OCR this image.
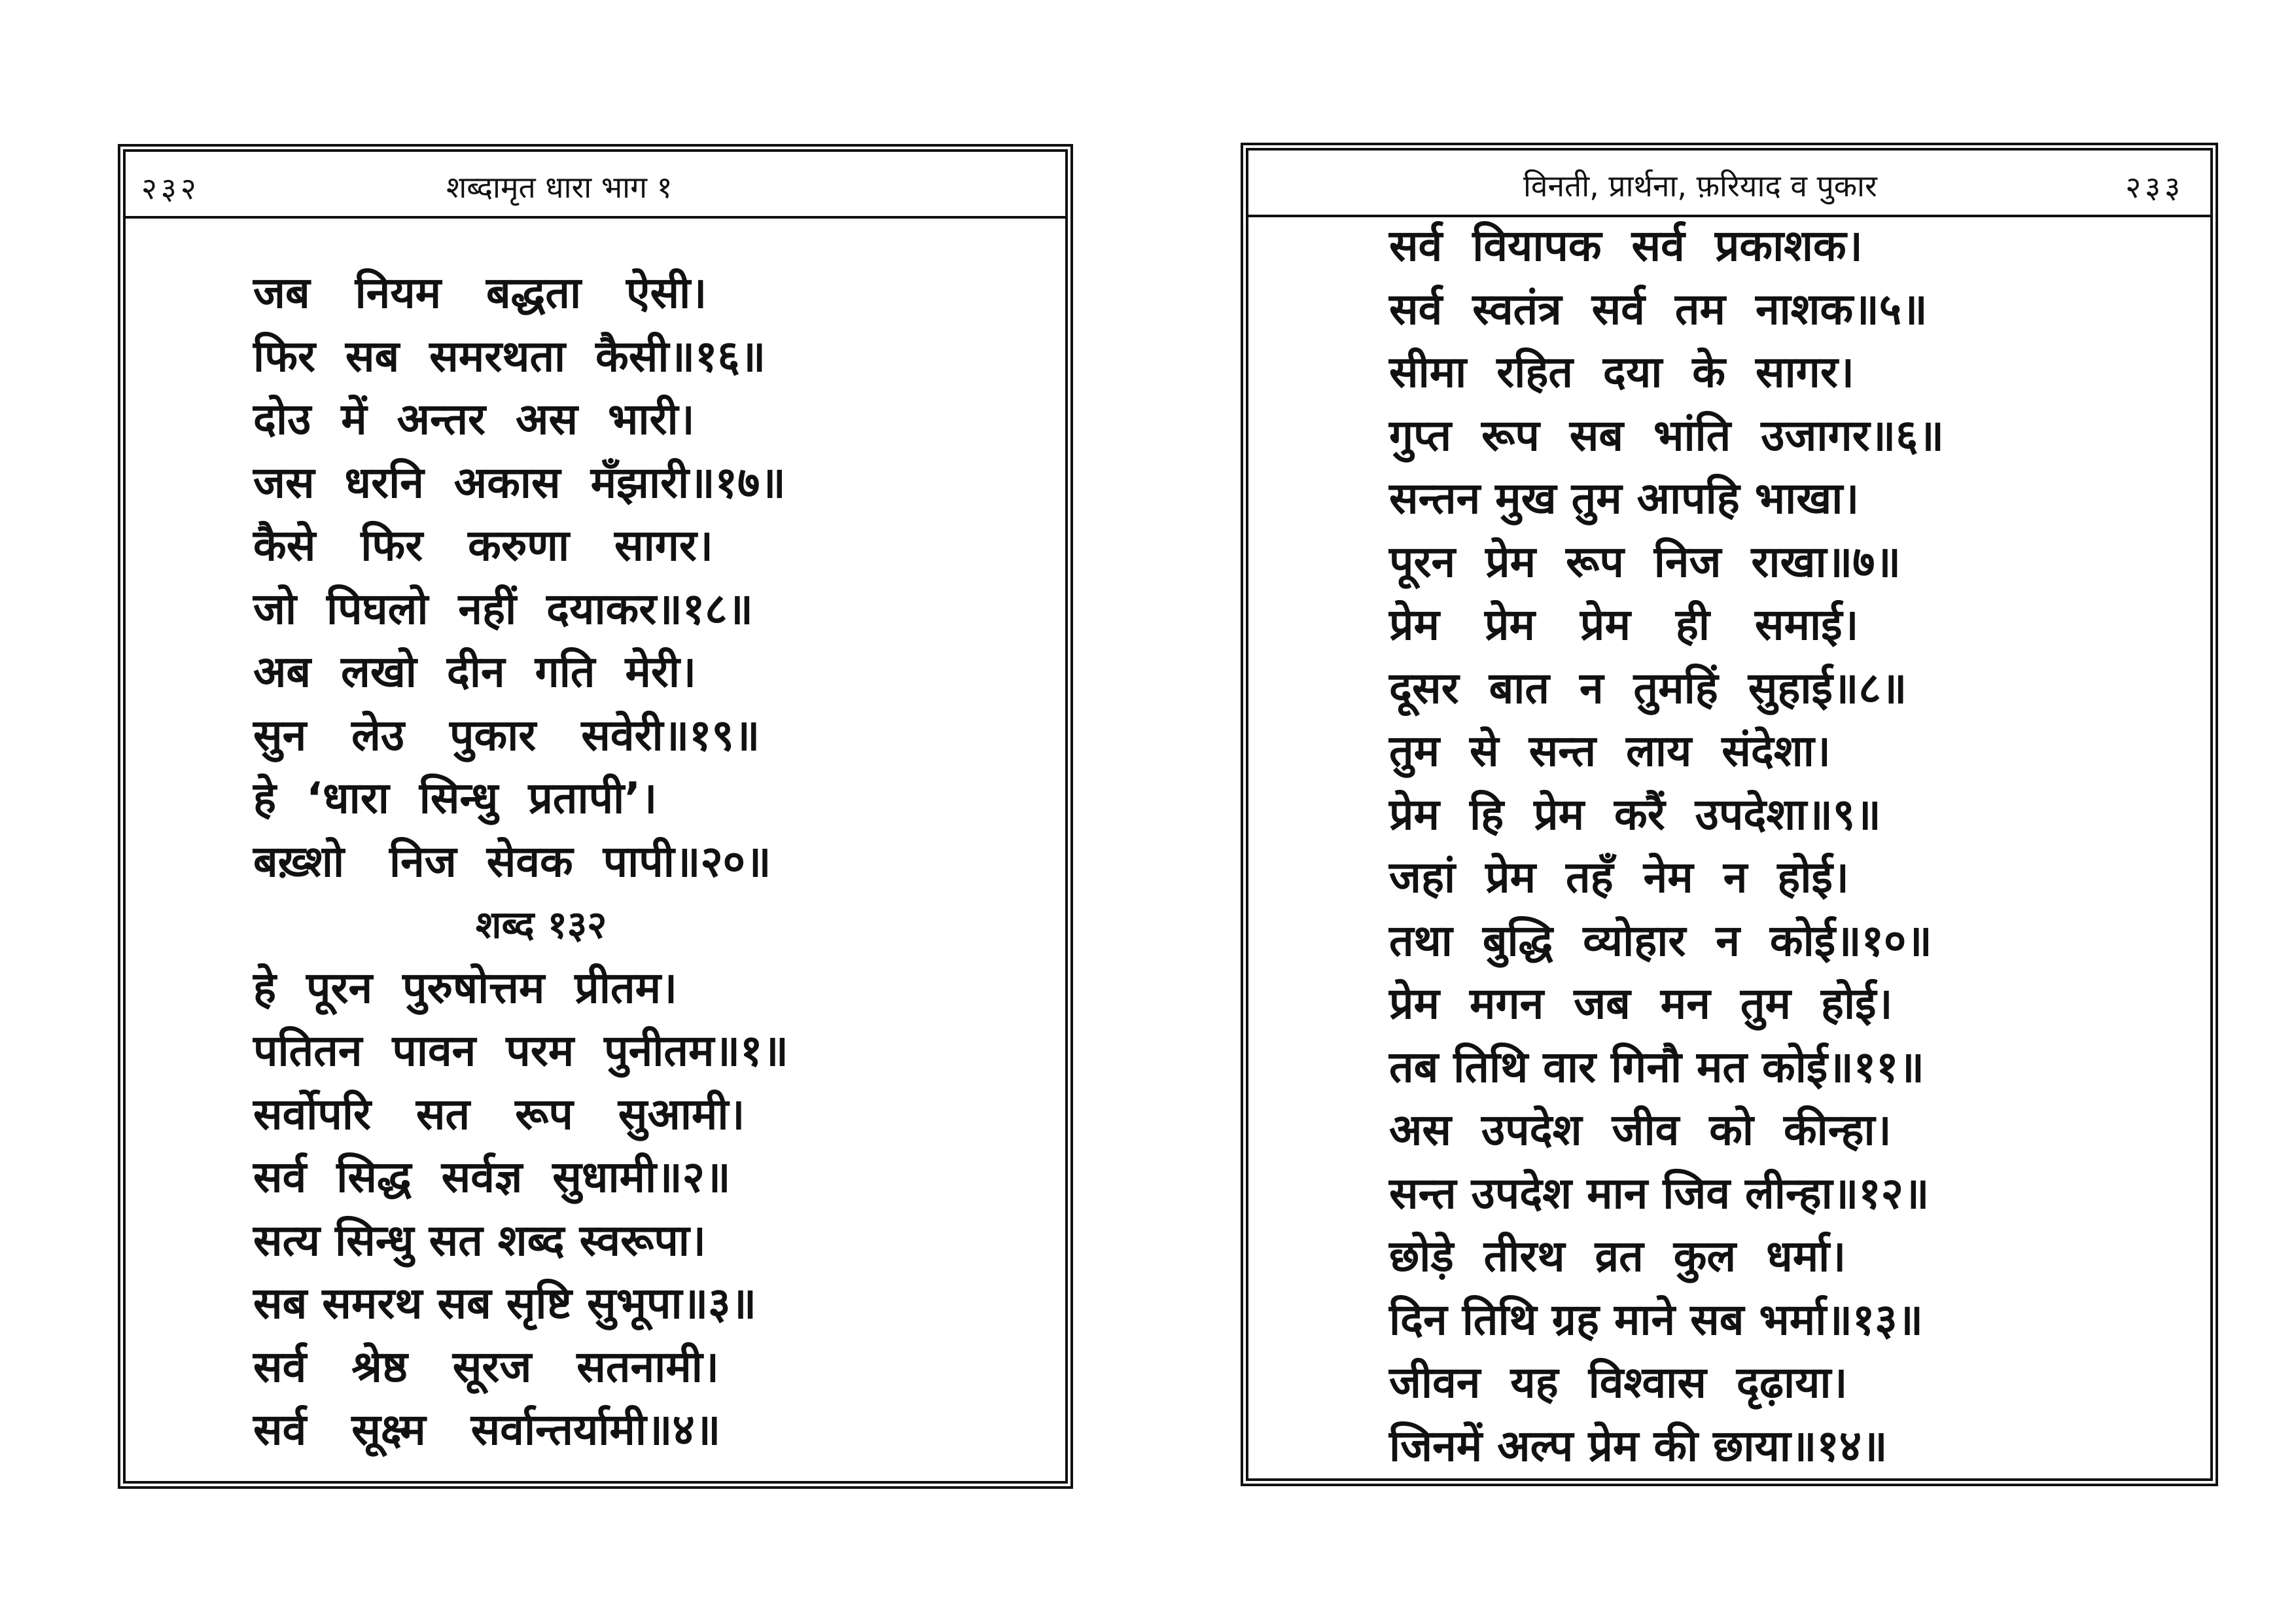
२३२	शब्दामृत धारा भाग १
जब   नियम   बद्धता   ऐसी।
फिर  सब  समरथता  कैसी॥१६॥
दोउ  में  अन्तर  अस  भारी।
जस  धरनि  अकास  मँझारी॥१७॥
कैसे   फिर   करुणा   सागर।
जो  पिघलो  नहीं  दयाकर॥१८॥
अब  लखो  दीन  गति  मेरी।
सुन   लेउ   पुकार   सवेरी॥१९॥
हे  ‘धारा  सिन्धु  प्रतापी’।
बख़्शो   निज  सेवक  पापी॥२०॥
शब्द १३२
हे  पूरन  पुरुषोत्तम  प्रीतम।
पतितन  पावन  परम  पुनीतम॥१॥
सर्वोपरि   सत   रूप   सुआमी।
सर्व  सिद्ध  सर्वज्ञ  सुधामी॥२॥
सत्य सिन्धु सत शब्द स्वरूपा।
सब समरथ सब सृष्टि सुभूपा॥३॥
सर्व   श्रेष्ठ   सूरज   सतनामी।
सर्व   सूक्ष्म   सर्वान्तर्यामी॥४॥
विनती, प्रार्थना, फ़रियाद व पुकार	२३३
सर्व  वियापक  सर्व  प्रकाशक।
सर्व  स्वतंत्र  सर्व  तम  नाशक॥५॥
सीमा  रहित  दया  के  सागर।
गुप्त  रूप  सब  भांति  उजागर॥६॥
सन्तन मुख तुम आपहि भाखा।
पूरन  प्रेम  रूप  निज  राखा॥७॥
प्रेम   प्रेम   प्रेम   ही   समाई।
दूसर  बात  न  तुमहिं  सुहाई॥८॥
तुम  से  सन्त  लाय  संदेशा।
प्रेम  हि  प्रेम  करैं  उपदेशा॥९॥
जहां  प्रेम  तहँ  नेम  न  होई।
तथा  बुद्धि  व्योहार  न  कोई॥१०॥
प्रेम  मगन  जब  मन  तुम  होई।
तब तिथि वार गिनौ मत कोई॥११॥
अस  उपदेश  जीव  को  कीन्हा।
सन्त उपदेश मान जिव लीन्हा॥१२॥
छोड़े  तीरथ  व्रत  कुल  धर्मा।
दिन तिथि ग्रह माने सब भर्मा॥१३॥
जीवन  यह  विश्वास  दृढ़ाया।
जिनमें अल्प प्रेम की छाया॥१४॥
